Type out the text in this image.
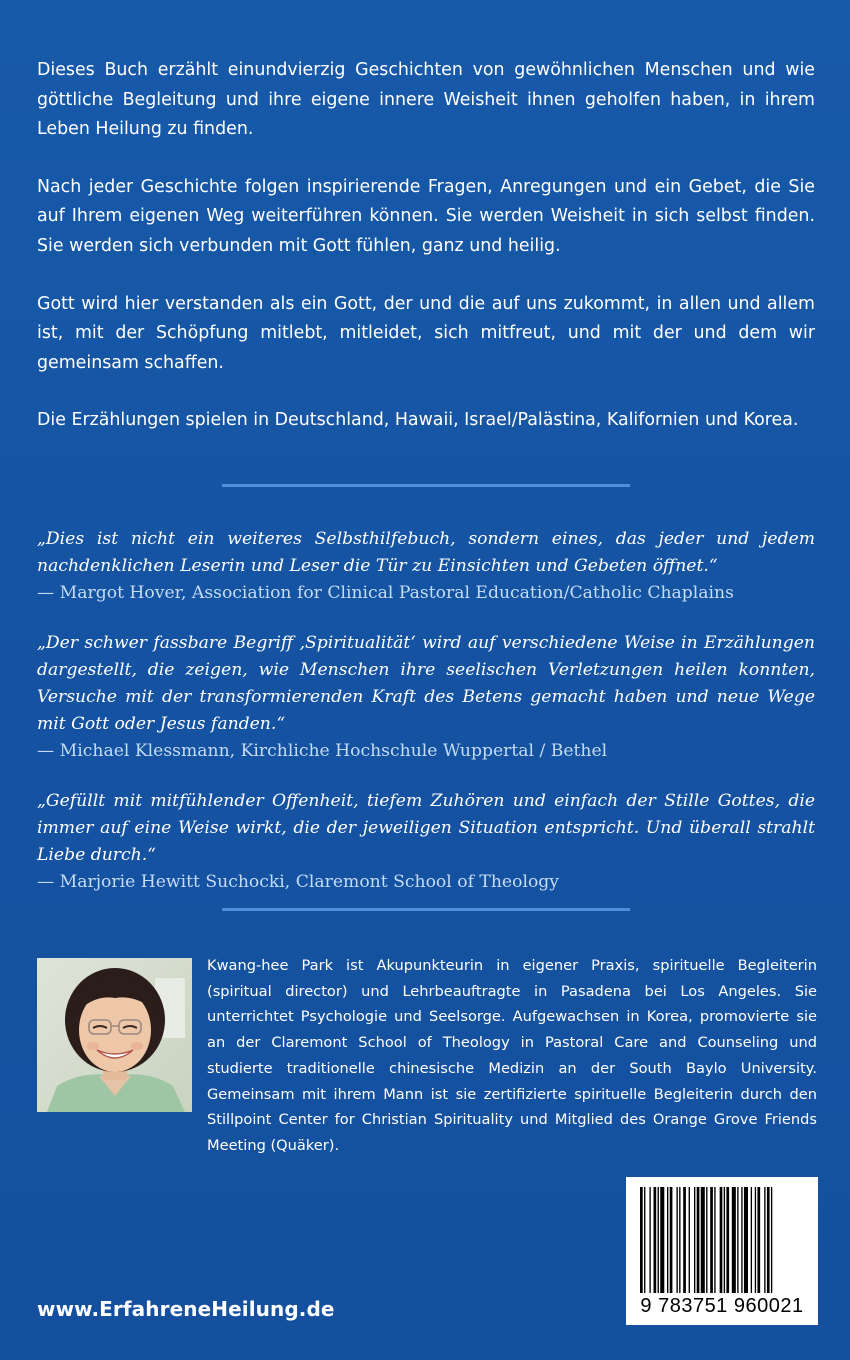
Dieses Buch erzählt einundvierzig Geschichten von gewöhnlichen Menschen und wie göttliche Begleitung und ihre eigene innere Weisheit ihnen geholfen haben, in ihrem Leben Heilung zu finden.

Nach jeder Geschichte folgen inspirierende Fragen, Anregungen und ein Gebet, die Sie auf Ihrem eigenen Weg weiterführen können. Sie werden Weisheit in sich selbst finden. Sie werden sich verbunden mit Gott fühlen, ganz und heilig.

Gott wird hier verstanden als ein Gott, der und die auf uns zukommt, in allen und allem ist, mit der Schöpfung mitlebt, mitleidet, sich mitfreut, und mit der und dem wir gemeinsam schaffen.

Die Erzählungen spielen in Deutschland, Hawaii, Israel/Palästina, Kalifornien und Korea.

„Dies ist nicht ein weiteres Selbsthilfebuch, sondern eines, das jeder und jedem nachdenklichen Leserin und Leser die Tür zu Einsichten und Gebeten öffnet.“
— Margot Hover, Association for Clinical Pastoral Education/Catholic Chaplains
„Der schwer fassbare Begriff ‚Spiritualität‘ wird auf verschiedene Weise in Erzählungen dargestellt, die zeigen, wie Menschen ihre seelischen Verletzungen heilen konnten, Versuche mit der transformierenden Kraft des Betens gemacht haben und neue Wege mit Gott oder Jesus fanden.“
— Michael Klessmann, Kirchliche Hochschule Wuppertal / Bethel
„Gefüllt mit mitfühlender Offenheit, tiefem Zuhören und einfach der Stille Gottes, die immer auf eine Weise wirkt, die der jeweiligen Situation entspricht. Und überall strahlt Liebe durch.“
— Marjorie Hewitt Suchocki, Claremont School of Theology
Kwang-hee Park ist Akupunkteurin in eigener Praxis, spirituelle Begleiterin (spiritual director) und Lehrbeauftragte in Pasadena bei Los Angeles. Sie unterrichtet Psychologie und Seelsorge. Aufgewachsen in Korea, promovierte sie an der Claremont School of Theology in Pastoral Care and Counseling und studierte traditionelle chinesische Medizin an der South Baylo University. Gemeinsam mit ihrem Mann ist sie zertifizierte spirituelle Begleiterin durch den Stillpoint Center for Christian Spirituality und Mitglied des Orange Grove Friends Meeting (Quäker).
www.ErfahreneHeilung.de	9 783751 960021
